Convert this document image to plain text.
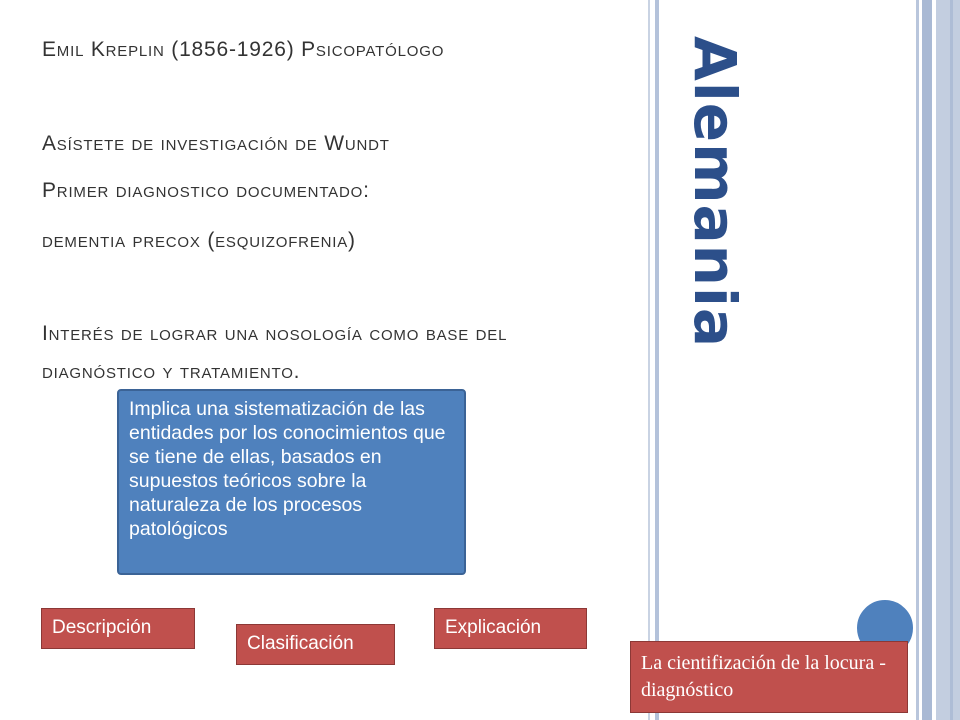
Alemania
Emil Kreplin (1856-1926) Psicopatólogo
Asístete de investigación de Wundt
Primer diagnostico documentado:
dementia precox (esquizofrenia)
Interés de lograr una nosología como base del
diagnóstico y tratamiento.
Implica una sistematización de las entidades por los conocimientos que se tiene de ellas, basados en supuestos teóricos sobre la naturaleza de los procesos patológicos
Descripción
Clasificación
Explicación
La cientifización de la locura - diagnóstico
